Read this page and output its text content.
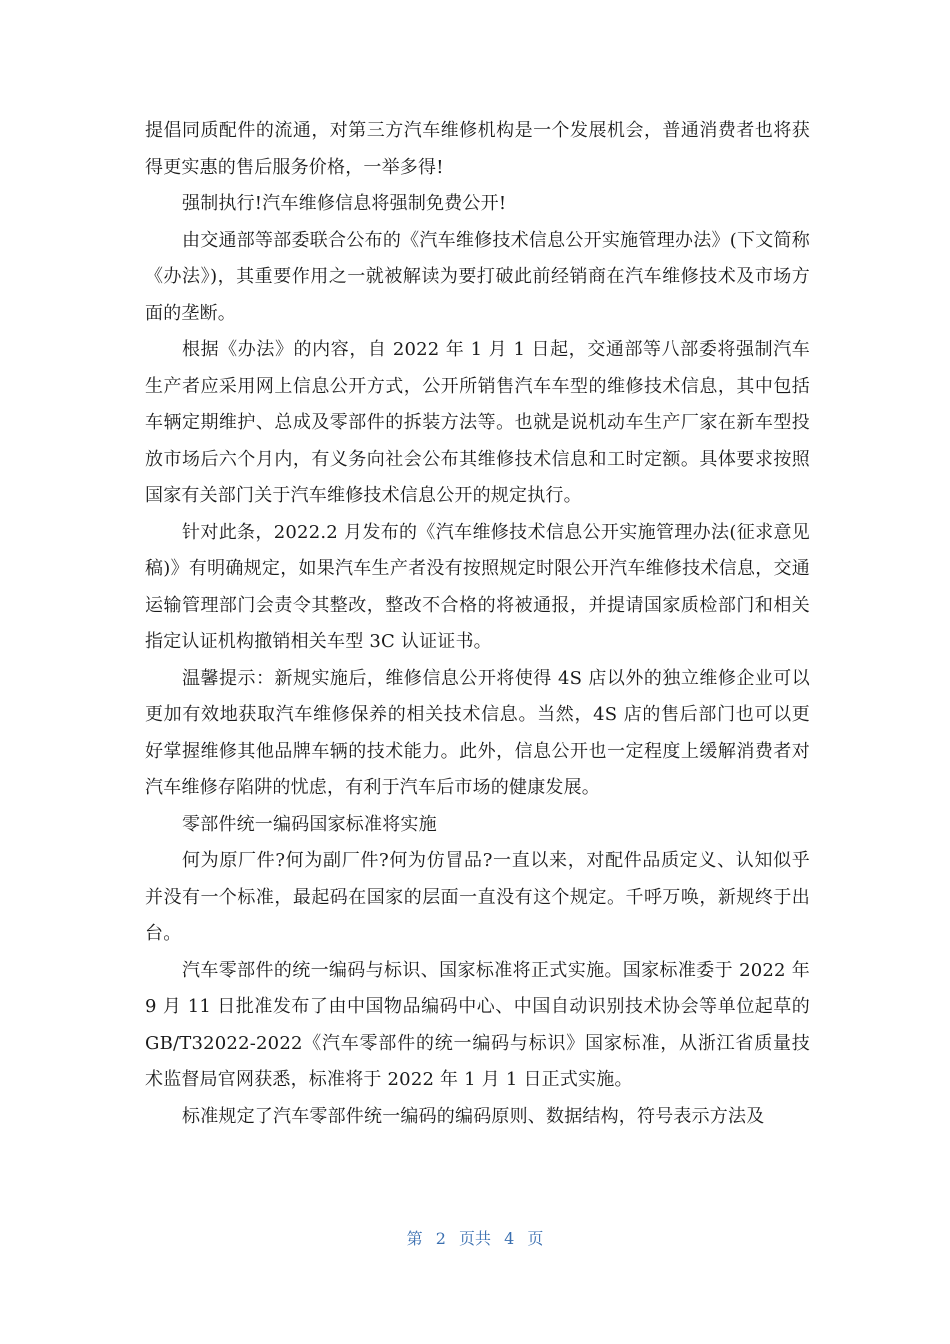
提倡同质配件的流通，对第三方汽车维修机构是一个发展机会，普通消费者也将获得更实惠的售后服务价格，一举多得!

强制执行!汽车维修信息将强制免费公开!

由交通部等部委联合公布的《汽车维修技术信息公开实施管理办法》(下文简称《办法》)，其重要作用之一就被解读为要打破此前经销商在汽车维修技术及市场方面的垄断。

根据《办法》的内容，自 2022 年 1 月 1 日起，交通部等八部委将强制汽车生产者应采用网上信息公开方式，公开所销售汽车车型的维修技术信息，其中包括车辆定期维护、总成及零部件的拆装方法等。也就是说机动车生产厂家在新车型投放市场后六个月内，有义务向社会公布其维修技术信息和工时定额。具体要求按照国家有关部门关于汽车维修技术信息公开的规定执行。

针对此条，2022.2 月发布的《汽车维修技术信息公开实施管理办法(征求意见稿)》有明确规定，如果汽车生产者没有按照规定时限公开汽车维修技术信息，交通运输管理部门会责令其整改，整改不合格的将被通报，并提请国家质检部门和相关指定认证机构撤销相关车型 3C 认证证书。

温馨提示：新规实施后，维修信息公开将使得 4S 店以外的独立维修企业可以更加有效地获取汽车维修保养的相关技术信息。当然，4S 店的售后部门也可以更好掌握维修其他品牌车辆的技术能力。此外，信息公开也一定程度上缓解消费者对汽车维修存陷阱的忧虑，有利于汽车后市场的健康发展。

零部件统一编码国家标准将实施

何为原厂件?何为副厂件?何为仿冒品?一直以来，对配件品质定义、认知似乎并没有一个标准，最起码在国家的层面一直没有这个规定。千呼万唤，新规终于出台。

汽车零部件的统一编码与标识、国家标准将正式实施。国家标准委于 2022 年 9 月 11 日批准发布了由中国物品编码中心、中国自动识别技术协会等单位起草的 GB/T32022-2022《汽车零部件的统一编码与标识》国家标准，从浙江省质量技术监督局官网获悉，标准将于 2022 年 1 月 1 日正式实施。

标准规定了汽车零部件统一编码的编码原则、数据结构，符号表示方法及

第 2 页共 4 页
